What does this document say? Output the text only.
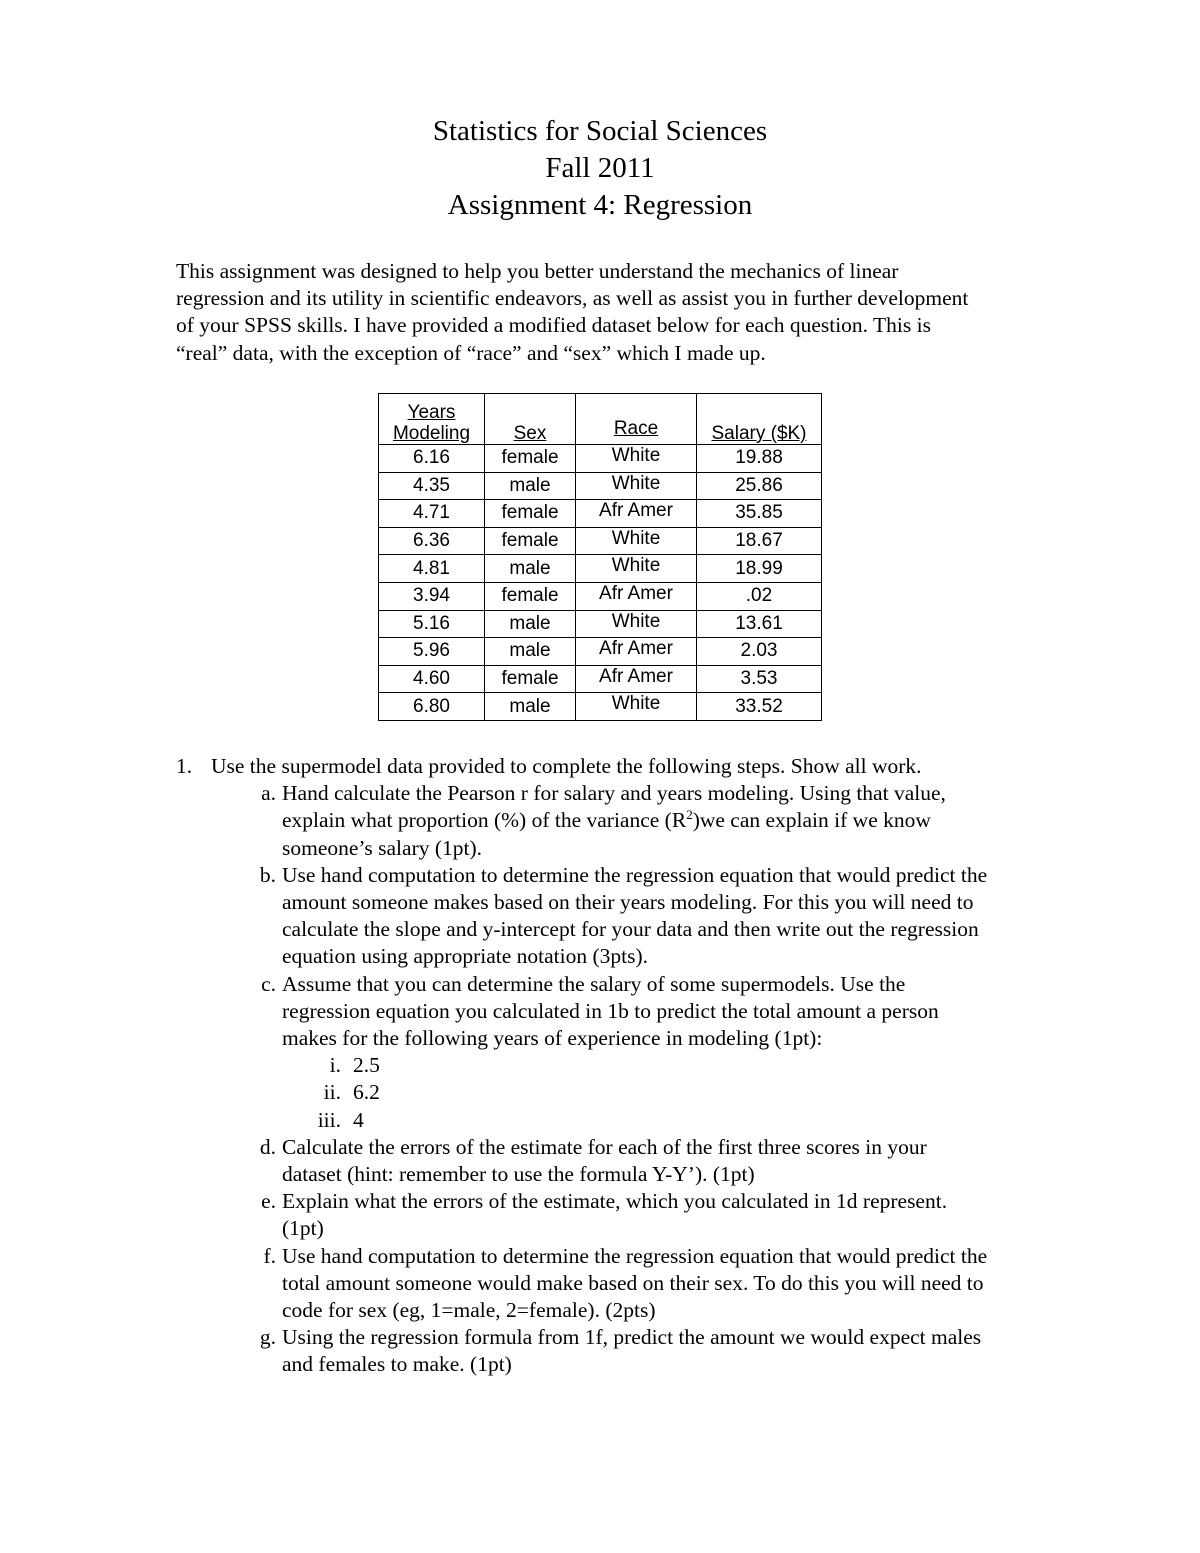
Statistics for Social Sciences
Fall 2011
Assignment 4: Regression
This assignment was designed to help you better understand the mechanics of linear
regression and its utility in scientific endeavors, as well as assist you in further development
of your SPSS skills. I have provided a modified dataset below for each question. This is
“real” data, with the exception of “race” and “sex” which I made up.
Years
Modeling	Sex	Race	Salary ($K)
6.16	female	White	19.88
4.35	male	White	25.86
4.71	female	Afr Amer	35.85
6.36	female	White	18.67
4.81	male	White	18.99
3.94	female	Afr Amer	.02
5.16	male	White	13.61
5.96	male	Afr Amer	2.03
4.60	female	Afr Amer	3.53
6.80	male	White	33.52
1. Use the supermodel data provided to complete the following steps. Show all work.
a. Hand calculate the Pearson r for salary and years modeling. Using that value,
explain what proportion (%) of the variance $(R^2)we$ can explain if we know
someone’s salary (1pt).
b. Use hand computation to determine the regression equation that would predict the
amount someone makes based on their years modeling. For this you will need to
calculate the slope and y-intercept for your data and then write out the regression
equation using appropriate notation (3pts).
c. Assume that you can determine the salary of some supermodels. Use the
regression equation you calculated in 1b to predict the total amount a person
makes for the following years of experience in modeling (1pt):
i. 2.5
ii. 6.2
iii. 4
d. Calculate the errors of the estimate for each of the first three scores in your
dataset (hint: remember to use the formula Y-Y’). (1pt)
e. Explain what the errors of the estimate, which you calculated in 1d represent.
(1pt)
f. Use hand computation to determine the regression equation that would predict the
total amount someone would make based on their sex. To do this you will need to
code for sex (eg, 1=male, 2=female). (2pts)
g. Using the regression formula from 1f, predict the amount we would expect males
and females to make. (1pt)
